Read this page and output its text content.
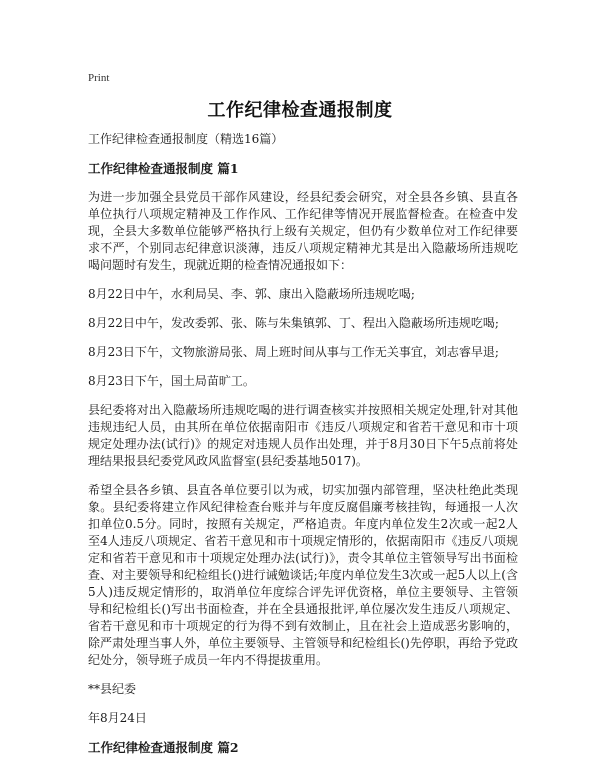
Print
工作纪律检查通报制度

工作纪律检查通报制度（精选16篇）

工作纪律检查通报制度 篇1

为进一步加强全县党员干部作风建设，经县纪委会研究，对全县各乡镇、县直各单位执行八项规定精神及工作作风、工作纪律等情况开展监督检查。在检查中发现，全县大多数单位能够严格执行上级有关规定，但仍有少数单位对工作纪律要求不严，个别同志纪律意识淡薄，违反八项规定精神尤其是出入隐蔽场所违规吃喝问题时有发生，现就近期的检查情况通报如下：

8月22日中午，水利局吴、李、郭、康出入隐蔽场所违规吃喝;

8月22日中午，发改委郭、张、陈与朱集镇郭、丁、程出入隐蔽场所违规吃喝;

8月23日下午，文物旅游局张、周上班时间从事与工作无关事宜，刘志睿早退;

8月23日下午，国土局苗旷工。

县纪委将对出入隐蔽场所违规吃喝的进行调查核实并按照相关规定处理,针对其他违规违纪人员，由其所在单位依据南阳市《违反八项规定和省若干意见和市十项规定处理办法(试行)》的规定对违规人员作出处理，并于8月30日下午5点前将处理结果报县纪委党风政风监督室(县纪委基地5017)。

希望全县各乡镇、县直各单位要引以为戒，切实加强内部管理，坚决杜绝此类现象。县纪委将建立作风纪律检查台账并与年度反腐倡廉考核挂钩，每通报一人次扣单位0.5分。同时，按照有关规定，严格追责。年度内单位发生2次或一起2人至4人违反八项规定、省若干意见和市十项规定情形的，依据南阳市《违反八项规定和省若干意见和市十项规定处理办法(试行)》，责令其单位主管领导写出书面检查、对主要领导和纪检组长()进行诫勉谈话;年度内单位发生3次或一起5人以上(含5人)违反规定情形的，取消单位年度综合评先评优资格，单位主要领导、主管领导和纪检组长()写出书面检查，并在全县通报批评,单位屡次发生违反八项规定、省若干意见和市十项规定的行为得不到有效制止，且在社会上造成恶劣影响的，除严肃处理当事人外，单位主要领导、主管领导和纪检组长()先停职，再给予党政纪处分，领导班子成员一年内不得提拔重用。

**县纪委

年8月24日

工作纪律检查通报制度 篇2
